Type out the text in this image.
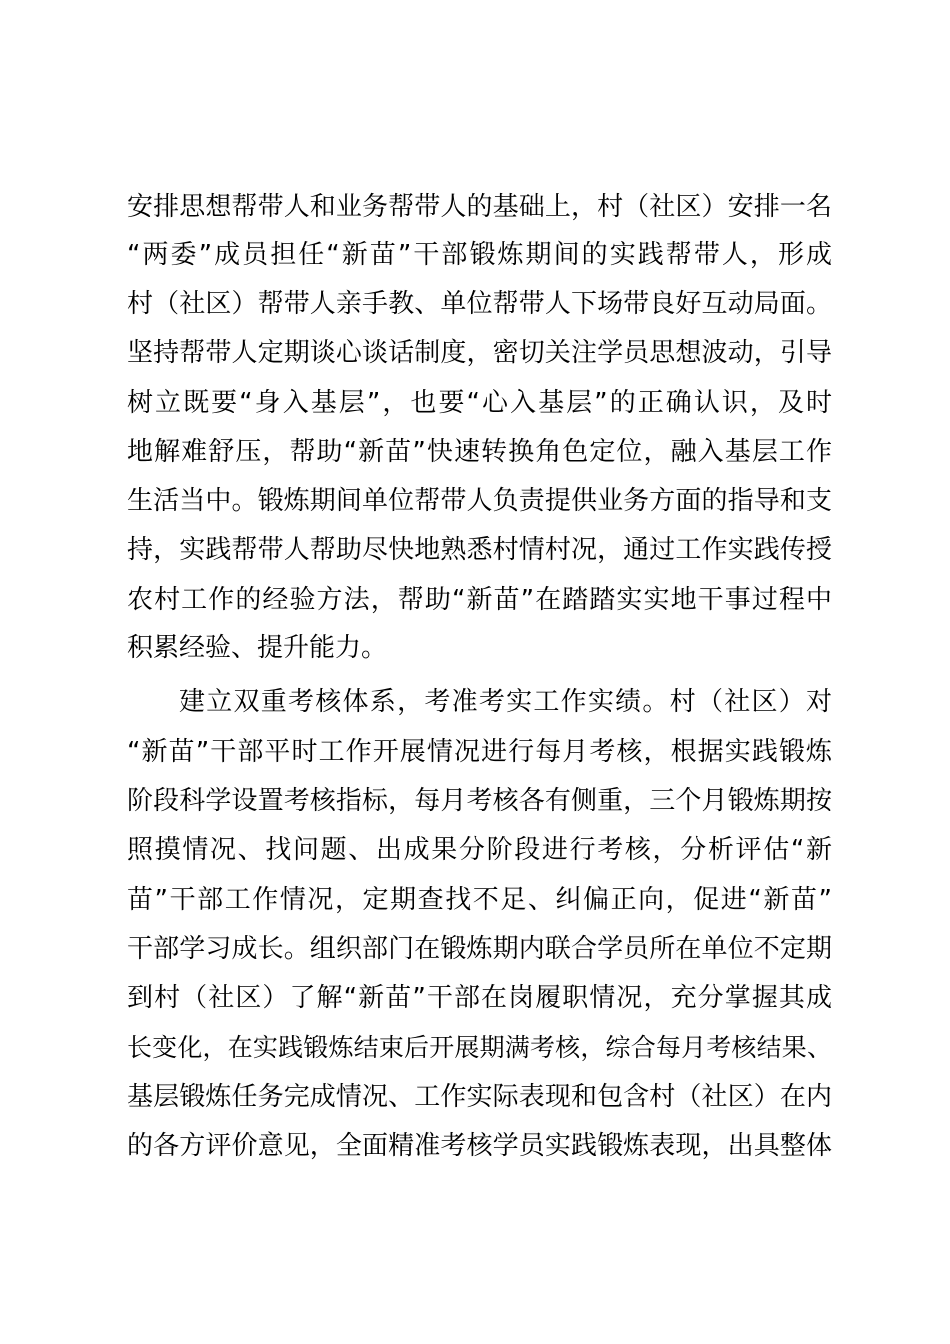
安排思想帮带人和业务帮带人的基础上，村（社区）安排一名
“两委”成员担任“新苗”干部锻炼期间的实践帮带人，形成
村（社区）帮带人亲手教、单位帮带人下场带良好互动局面。
坚持帮带人定期谈心谈话制度，密切关注学员思想波动，引导
树立既要“身入基层”，也要“心入基层”的正确认识，及时
地解难舒压，帮助“新苗”快速转换角色定位，融入基层工作
生活当中。锻炼期间单位帮带人负责提供业务方面的指导和支
持，实践帮带人帮助尽快地熟悉村情村况，通过工作实践传授
农村工作的经验方法，帮助“新苗”在踏踏实实地干事过程中
积累经验、提升能力。
建立双重考核体系，考准考实工作实绩。村（社区）对
“新苗”干部平时工作开展情况进行每月考核，根据实践锻炼
阶段科学设置考核指标，每月考核各有侧重，三个月锻炼期按
照摸情况、找问题、出成果分阶段进行考核，分析评估“新
苗”干部工作情况，定期查找不足、纠偏正向，促进“新苗”
干部学习成长。组织部门在锻炼期内联合学员所在单位不定期
到村（社区）了解“新苗”干部在岗履职情况，充分掌握其成
长变化，在实践锻炼结束后开展期满考核，综合每月考核结果、
基层锻炼任务完成情况、工作实际表现和包含村（社区）在内
的各方评价意见，全面精准考核学员实践锻炼表现，出具整体
